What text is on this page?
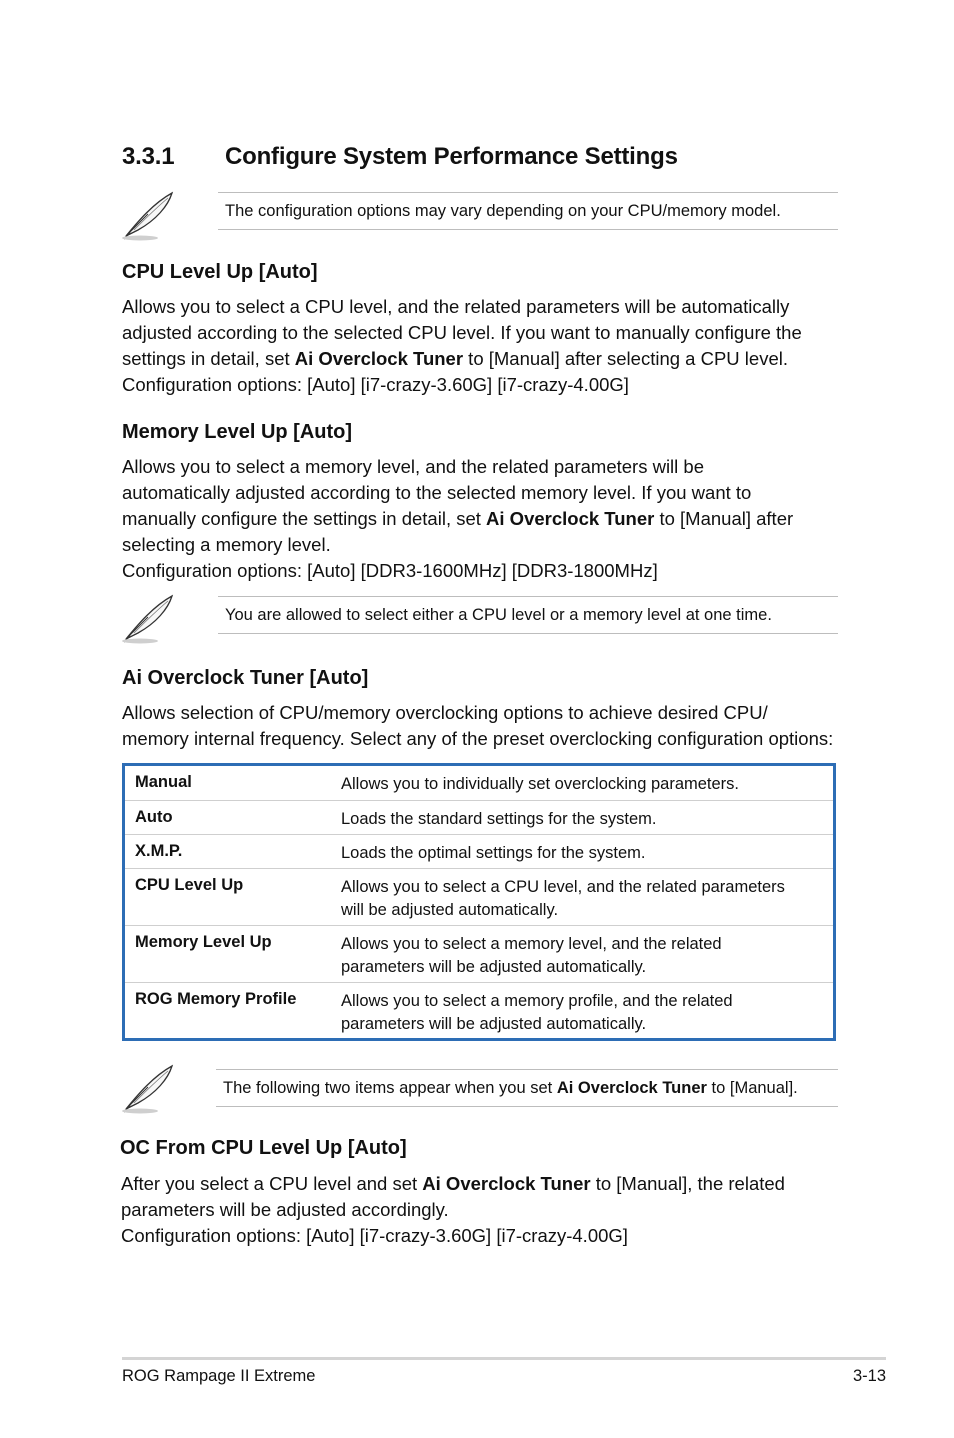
3.3.1 Configure System Performance Settings
The configuration options may vary depending on your CPU/memory model.
CPU Level Up [Auto]
Allows you to select a CPU level, and the related parameters will be automatically
adjusted according to the selected CPU level. If you want to manually configure the
settings in detail, set Ai Overclock Tuner to [Manual] after selecting a CPU level.
Configuration options: [Auto] [i7-crazy-3.60G] [i7-crazy-4.00G]
Memory Level Up [Auto]
Allows you to select a memory level, and the related parameters will be
automatically adjusted according to the selected memory level. If you want to
manually configure the settings in detail, set Ai Overclock Tuner to [Manual] after
selecting a memory level.
Configuration options: [Auto] [DDR3-1600MHz] [DDR3-1800MHz]
You are allowed to select either a CPU level or a memory level at one time.
Ai Overclock Tuner [Auto]
Allows selection of CPU/memory overclocking options to achieve desired CPU/
memory internal frequency. Select any of the preset overclocking configuration options:
Manual	Allows you to individually set overclocking parameters.
Auto	Loads the standard settings for the system.
X.M.P.	Loads the optimal settings for the system.
CPU Level Up	Allows you to select a CPU level, and the related parameters
will be adjusted automatically.
Memory Level Up	Allows you to select a memory level, and the related
parameters will be adjusted automatically.
ROG Memory Profile	Allows you to select a memory profile, and the related
parameters will be adjusted automatically.
The following two items appear when you set Ai Overclock Tuner to [Manual].
OC From CPU Level Up [Auto]
After you select a CPU level and set Ai Overclock Tuner to [Manual], the related
parameters will be adjusted accordingly.
Configuration options: [Auto] [i7-crazy-3.60G] [i7-crazy-4.00G]
ROG Rampage II Extreme	3-13
